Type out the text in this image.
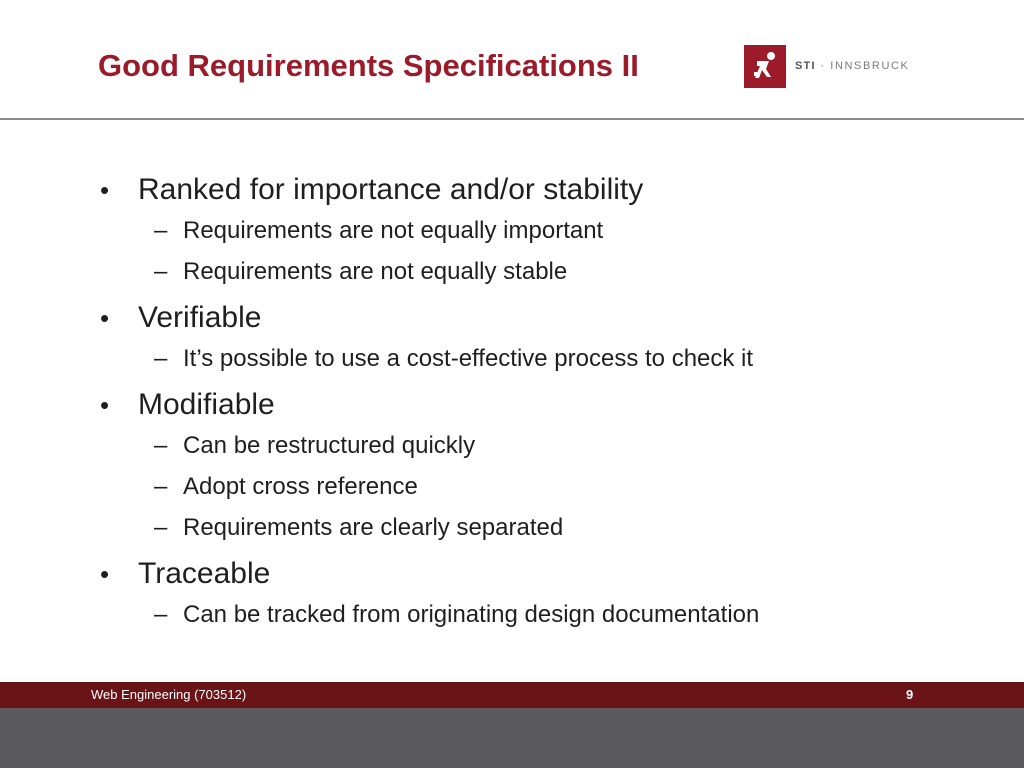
Good Requirements Specifications II	STI · INNSBRUCK
• Ranked for importance and/or stability
– Requirements are not equally important
– Requirements are not equally stable
• Verifiable
– It’s possible to use a cost-effective process to check it
• Modifiable
– Can be restructured quickly
– Adopt cross reference
– Requirements are clearly separated
• Traceable
– Can be tracked from originating design documentation
Web Engineering (703512)	9
